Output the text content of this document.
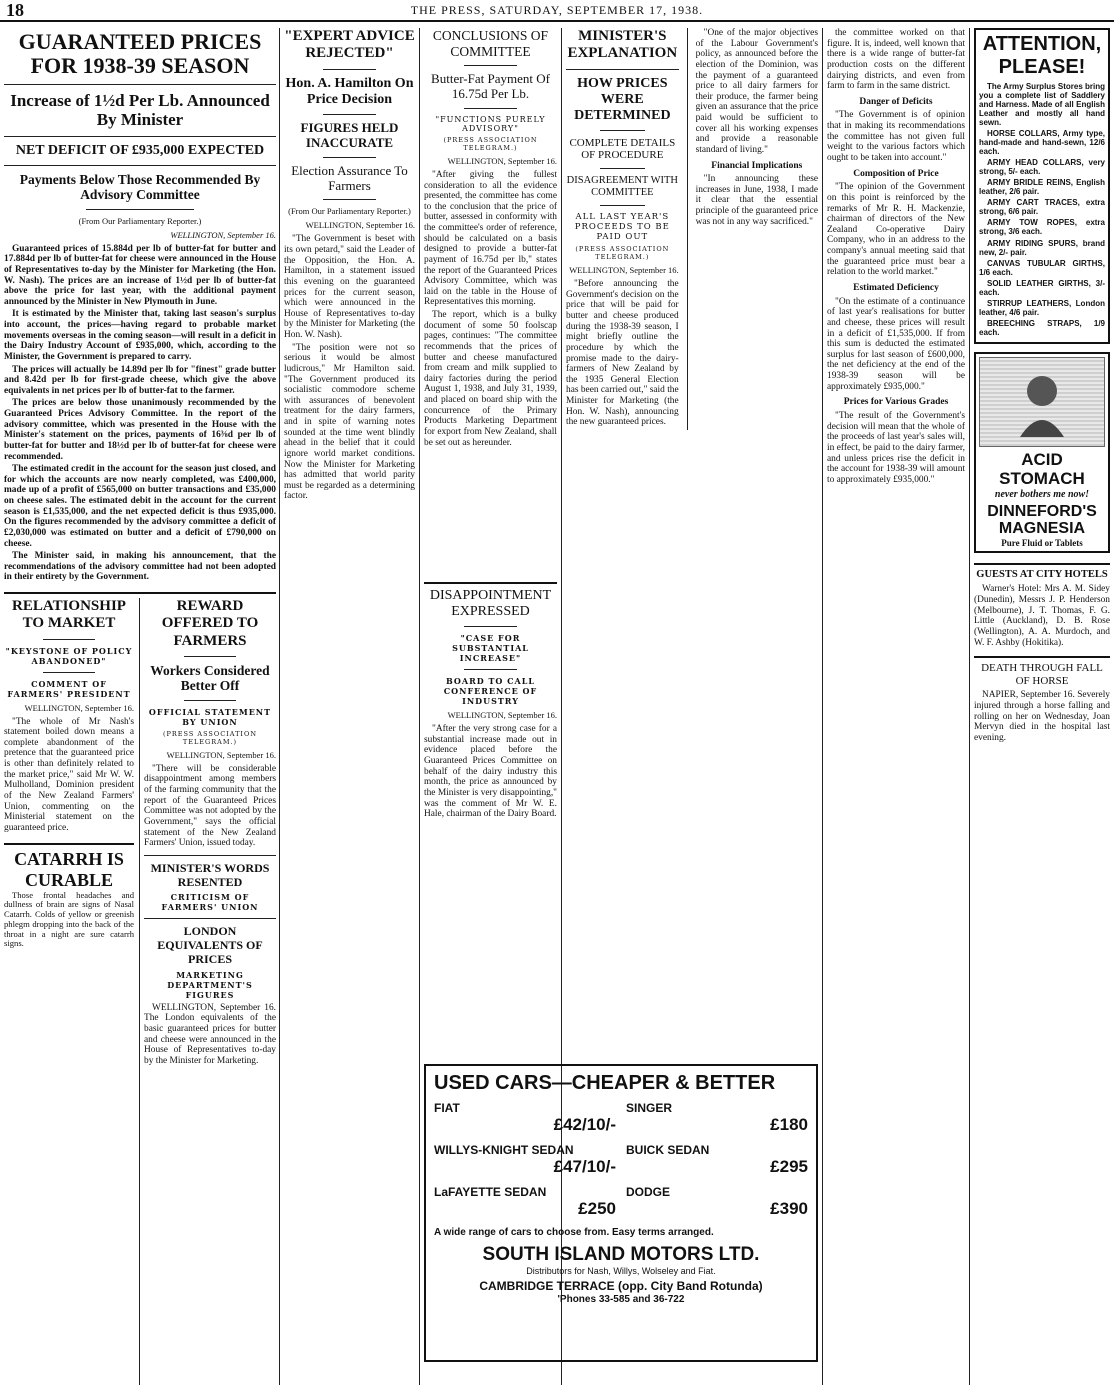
18	THE PRESS, SATURDAY, SEPTEMBER 17, 1938.
GUARANTEED PRICES FOR 1938-39 SEASON
Increase of 1½d Per Lb. Announced By Minister
NET DEFICIT OF £935,000 EXPECTED
Payments Below Those Recommended By Advisory Committee
(From Our Parliamentary Reporter.)
WELLINGTON, September 16.

Guaranteed prices of 15.884d per lb of butter-fat for butter and 17.884d per lb of butter-fat for cheese were announced in the House of Representatives to-day by the Minister for Marketing (the Hon. W. Nash). The prices are an increase of 1½d per lb of butter-fat above the price for last year, with the additional payment announced by the Minister in New Plymouth in June.

It is estimated by the Minister that, taking last season's surplus into account, the prices—having regard to probable market movements overseas in the coming season—will result in a deficit in the Dairy Industry Account of £935,000, which, according to the Minister, the Government is prepared to carry.

The prices will actually be 14.89d per lb for "finest" grade butter and 8.42d per lb for first-grade cheese, which give the above equivalents in net prices per lb of butter-fat to the farmer.

The prices are below those unanimously recommended by the Guaranteed Prices Advisory Committee. In the report of the advisory committee, which was presented in the House with the Minister's statement on the prices, payments of 16⅜d per lb of butter-fat for butter and 18½d per lb of butter-fat for cheese were recommended.

The estimated credit in the account for the season just closed, and for which the accounts are now nearly completed, was £400,000, made up of a profit of £565,000 on butter transactions and £35,000 on cheese sales. The estimated debit in the account for the current season is £1,535,000, and the net expected deficit is thus £935,000. On the figures recommended by the advisory committee a deficit of £2,030,000 was estimated on butter and a deficit of £790,000 on cheese.

The Minister said, in making his announcement, that the recommendations of the advisory committee had not been adopted in their entirety by the Government.

RELATIONSHIP TO MARKET
"KEYSTONE OF POLICY ABANDONED"
COMMENT OF FARMERS' PRESIDENT
WELLINGTON, September 16.

"The whole of Mr Nash's statement boiled down means a complete abandonment of the pretence that the guaranteed price is other than definitely related to the market price," said Mr W. W. Mulholland, Dominion president of the New Zealand Farmers' Union, commenting on the Ministerial statement on the guaranteed price.

CATARRH IS CURABLE

Those frontal headaches and dullness of brain are signs of Nasal Catarrh. Colds of yellow or greenish phlegm dropping into the back of the throat in a night are sure catarrh signs.

REWARD OFFERED TO FARMERS
Workers Considered Better Off
OFFICIAL STATEMENT BY UNION
(PRESS ASSOCIATION TELEGRAM.)
WELLINGTON, September 16.

"There will be considerable disappointment among members of the farming community that the report of the Guaranteed Prices Committee was not adopted by the Government," says the official statement of the New Zealand Farmers' Union, issued today.

MINISTER'S WORDS RESENTED
CRITICISM OF FARMERS' UNION
LONDON EQUIVALENTS OF PRICES
MARKETING DEPARTMENT'S FIGURES

WELLINGTON, September 16. The London equivalents of the basic guaranteed prices for butter and cheese were announced in the House of Representatives to-day by the Minister for Marketing.

"EXPERT ADVICE REJECTED"
Hon. A. Hamilton On Price Decision
FIGURES HELD INACCURATE
Election Assurance To Farmers
(From Our Parliamentary Reporter.)
WELLINGTON, September 16.

"The Government is beset with its own petard," said the Leader of the Opposition, the Hon. A. Hamilton, in a statement issued this evening on the guaranteed prices for the current season, which were announced in the House of Representatives to-day by the Minister for Marketing (the Hon. W. Nash).

"The position were not so serious it would be almost ludicrous," Mr Hamilton said. "The Government produced its socialistic commodore scheme with assurances of benevolent treatment for the dairy farmers, and in spite of warning notes sounded at the time went blindly ahead in the belief that it could ignore world market conditions. Now the Minister for Marketing has admitted that world parity must be regarded as a determining factor.

CONCLUSIONS OF COMMITTEE
Butter-Fat Payment Of 16.75d Per Lb.
"FUNCTIONS PURELY ADVISORY"
(PRESS ASSOCIATION TELEGRAM.)
WELLINGTON, September 16.

"After giving the fullest consideration to all the evidence presented, the committee has come to the conclusion that the price of butter, assessed in conformity with the committee's order of reference, should be calculated on a basis designed to provide a butter-fat payment of 16.75d per lb," states the report of the Guaranteed Prices Advisory Committee, which was laid on the table in the House of Representatives this morning.

The report, which is a bulky document of some 50 foolscap pages, continues: "The committee recommends that the prices of butter and cheese manufactured from cream and milk supplied to dairy factories during the period August 1, 1938, and July 31, 1939, and placed on board ship with the concurrence of the Primary Products Marketing Department for export from New Zealand, shall be set out as hereunder.

DISAPPOINTMENT EXPRESSED
"CASE FOR SUBSTANTIAL INCREASE"
BOARD TO CALL CONFERENCE OF INDUSTRY
WELLINGTON, September 16.

"After the very strong case for a substantial increase made out in evidence placed before the Guaranteed Prices Committee on behalf of the dairy industry this month, the price as announced by the Minister is very disappointing," was the comment of Mr W. E. Hale, chairman of the Dairy Board.

USED CARS—CHEAPER & BETTER
FIAT
£42/10/-
WILLYS-KNIGHT SEDAN
£47/10/-
LaFAYETTE SEDAN
£250
SINGER
£180
BUICK SEDAN
£295
DODGE
£390
A wide range of cars to choose from. Easy terms arranged.
SOUTH ISLAND MOTORS LTD.
Distributors for Nash, Willys, Wolseley and Fiat.
CAMBRIDGE TERRACE (opp. City Band Rotunda)
'Phones 33-585 and 36-722
MINISTER'S EXPLANATION
HOW PRICES WERE DETERMINED
COMPLETE DETAILS OF PROCEDURE
DISAGREEMENT WITH COMMITTEE
ALL LAST YEAR'S PROCEEDS TO BE PAID OUT
(PRESS ASSOCIATION TELEGRAM.)
WELLINGTON, September 16.

"Before announcing the Government's decision on the price that will be paid for butter and cheese produced during the 1938-39 season, I might briefly outline the procedure by which the promise made to the dairy-farmers of New Zealand by the 1935 General Election has been carried out," said the Minister for Marketing (the Hon. W. Nash), announcing the new guaranteed prices.

"One of the major objectives of the Labour Government's policy, as announced before the election of the Dominion, was the payment of a guaranteed price to all dairy farmers for their produce, the farmer being given an assurance that the price paid would be sufficient to cover all his working expenses and provide a reasonable standard of living."

Financial Implications

"In announcing these increases in June, 1938, I made it clear that the essential principle of the guaranteed price was not in any way sacrificed."

the committee worked on that figure. It is, indeed, well known that there is a wide range of butter-fat production costs on the different dairying districts, and even from farm to farm in the same district.

Danger of Deficits

"The Government is of opinion that in making its recommendations the committee has not given full weight to the various factors which ought to be taken into account."

Composition of Price

"The opinion of the Government on this point is reinforced by the remarks of Mr R. H. Mackenzie, chairman of directors of the New Zealand Co-operative Dairy Company, who in an address to the company's annual meeting said that the guaranteed price must bear a relation to the world market."

Estimated Deficiency

"On the estimate of a continuance of last year's realisations for butter and cheese, these prices will result in a deficit of £1,535,000. If from this sum is deducted the estimated surplus for last season of £600,000, the net deficiency at the end of the 1938-39 season will be approximately £935,000."

Prices for Various Grades

"The result of the Government's decision will mean that the whole of the proceeds of last year's sales will, in effect, be paid to the dairy farmer, and unless prices rise the deficit in the account for 1938-39 will amount to approximately £935,000."

ATTENTION, PLEASE!

The Army Surplus Stores bring you a complete list of Saddlery and Harness. Made of all English Leather and mostly all hand sewn.

HORSE COLLARS, Army type, hand-made and hand-sewn, 12/6 each.

ARMY HEAD COLLARS, very strong, 5/- each.

ARMY BRIDLE REINS, English leather, 2/6 pair.

ARMY CART TRACES, extra strong, 6/6 pair.

ARMY TOW ROPES, extra strong, 3/6 each.

ARMY RIDING SPURS, brand new, 2/- pair.

CANVAS TUBULAR GIRTHS, 1/6 each.

SOLID LEATHER GIRTHS, 3/- each.

STIRRUP LEATHERS, London leather, 4/6 pair.

BREECHING STRAPS, 1/9 each.

ACID STOMACH
never bothers me now!
DINNEFORD'S MAGNESIA
Pure Fluid or Tablets
GUESTS AT CITY HOTELS

Warner's Hotel: Mrs A. M. Sidey (Dunedin), Messrs J. P. Henderson (Melbourne), J. T. Thomas, F. G. Little (Auckland), D. B. Rose (Wellington), A. A. Murdoch, and W. F. Ashby (Hokitika).

DEATH THROUGH FALL OF HORSE

NAPIER, September 16. Severely injured through a horse falling and rolling on her on Wednesday, Joan Mervyn died in the hospital last evening.
